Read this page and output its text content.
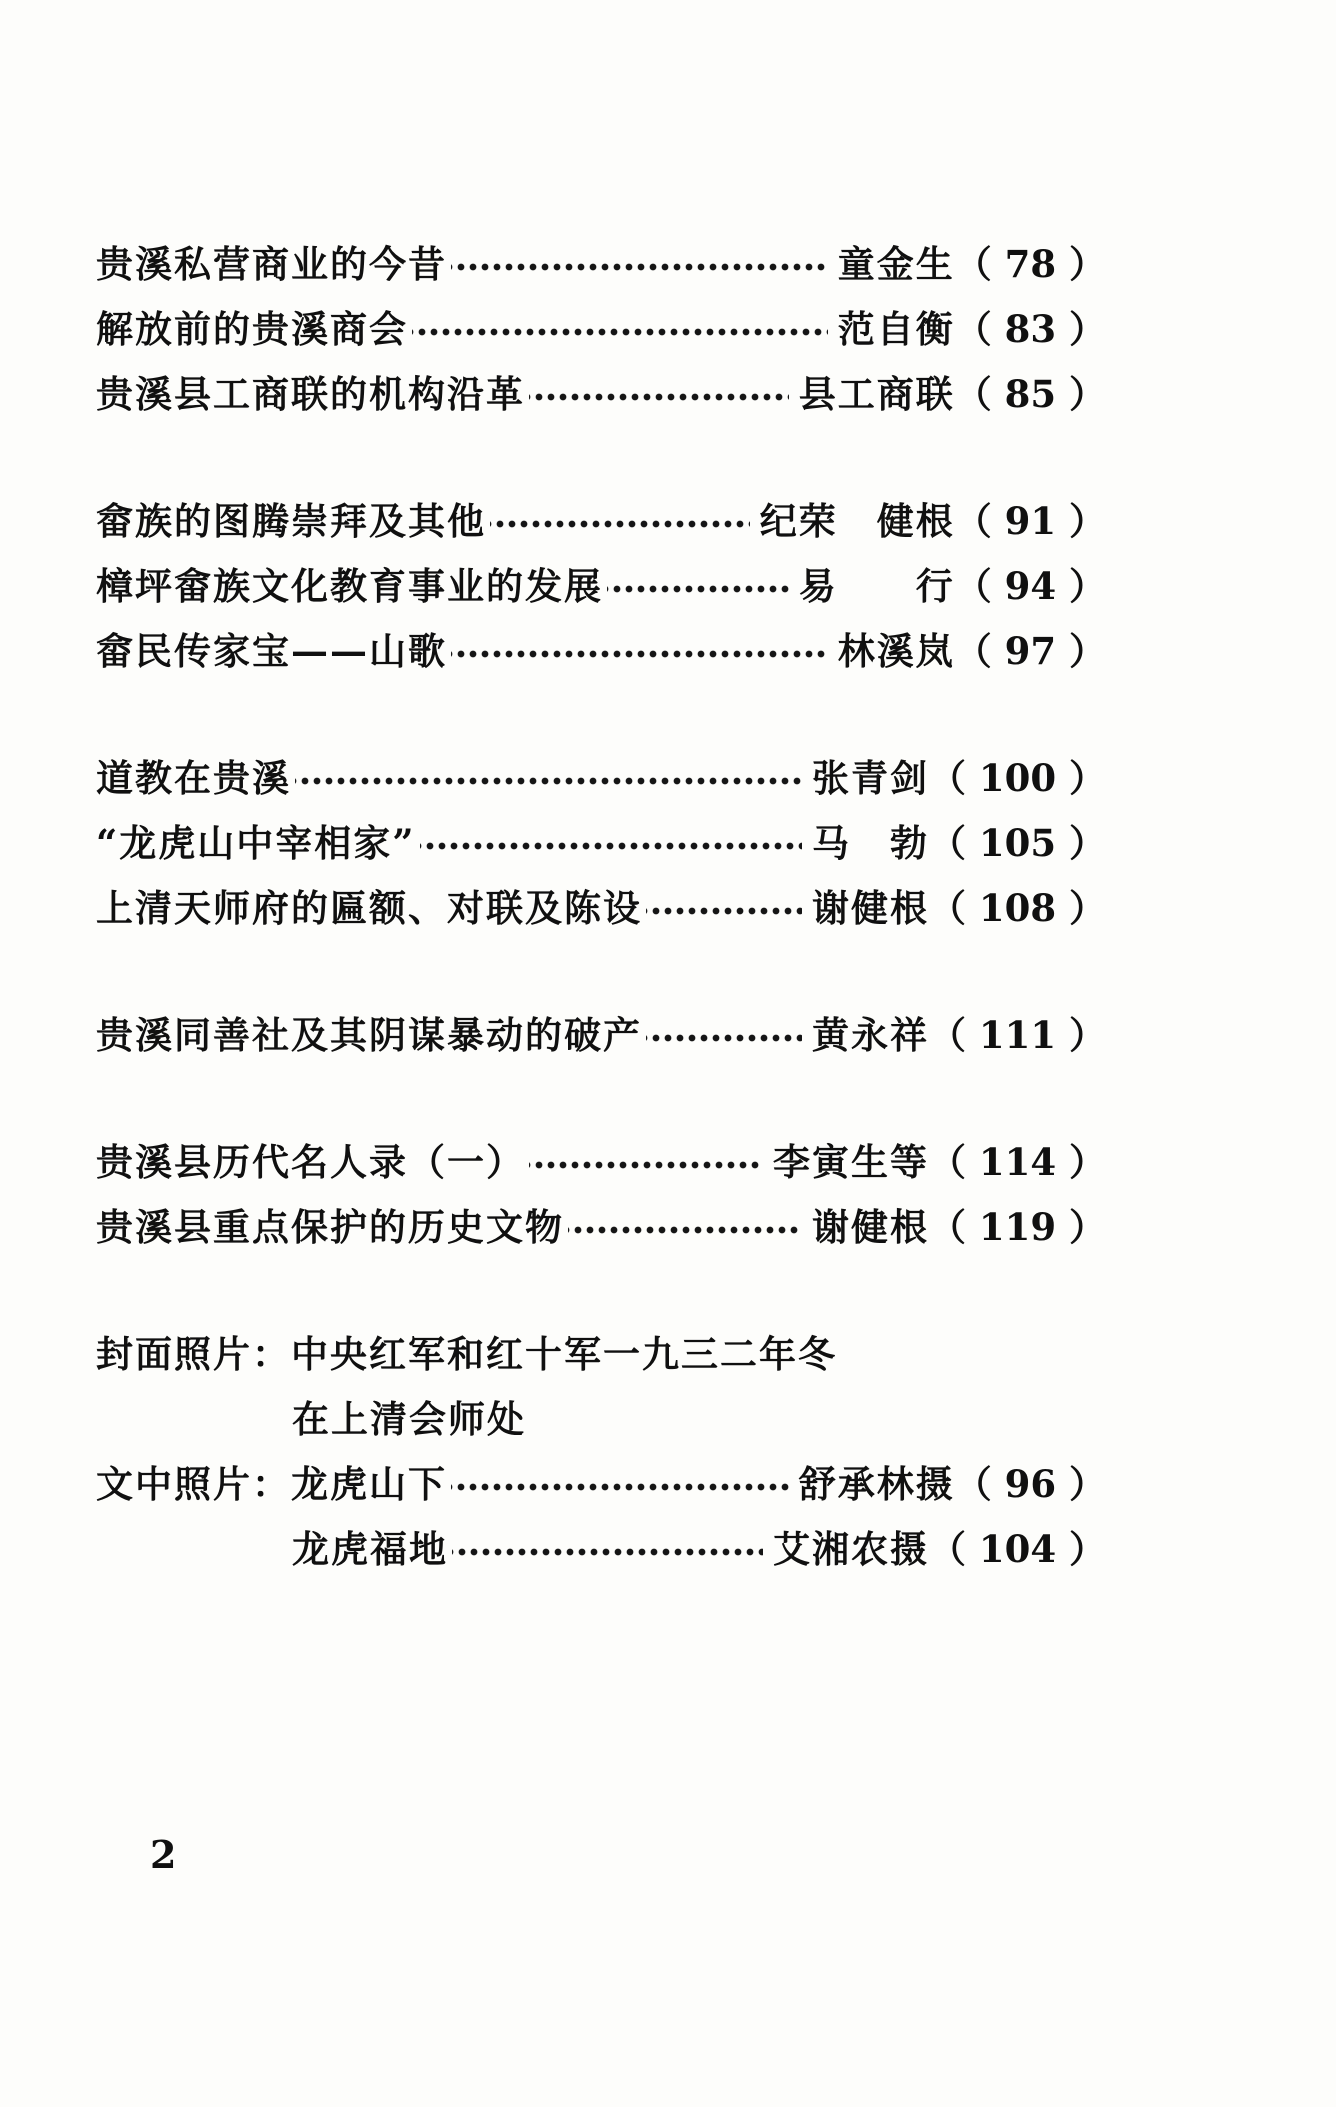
贵溪私营商业的今昔	童金生 （ 78 ）
解放前的贵溪商会	范自衡 （ 83 ）
贵溪县工商联的机构沿革	县工商联 （ 85 ）
畲族的图腾崇拜及其他	纪荣　健根 （ 91 ）
樟坪畲族文化教育事业的发展	易　　行 （ 94 ）
畲民传家宝——山歌	林溪岚 （ 97 ）
道教在贵溪	张青剑 （ 100 ）
“龙虎山中宰相家”	马　勃 （ 105 ）
上清天师府的匾额、对联及陈设	谢健根 （ 108 ）
贵溪同善社及其阴谋暴动的破产	黄永祥 （ 111 ）
贵溪县历代名人录（一）	李寅生等 （ 114 ）
贵溪县重点保护的历史文物	谢健根 （ 119 ）
封面照片： 中央红军和红十军一九三二年冬
在上清会师处
文中照片： 龙虎山下	舒承林摄 （ 96 ）
龙虎福地	艾湘农摄 （ 104 ）
2
